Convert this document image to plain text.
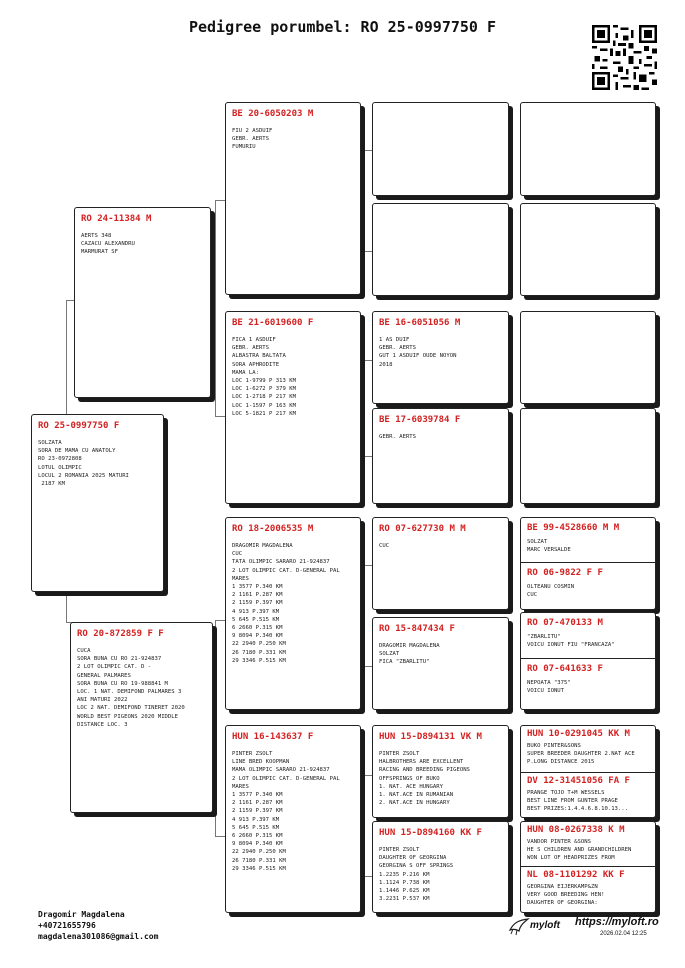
Pedigree porumbel: RO 25-0997750 F
RO 25-0997750 F
SOLZATA
SORA DE MAMA CU ANATOLY
RO 23-0972808
LOTUL OLIMPIC
LOCUL 2 ROMANIA 2025 MATURI
2187 KM
RO 24-11384 M
AERTS 348
CAZACU ALEXANDRU
MARMURAT SF
RO 20-872859 F F
CUCA
SORA BUNA CU RO 21-924837
2 LOT OLIMPIC CAT. D -
GENERAL PALMARES
SORA BUNA CU RO 19-988841 M
LOC. 1 NAT. DEMIFOND PALMARES 3
ANI MATURI 2022
LOC 2 NAT. DEMIFOND TINERET 2020
WORLD BEST PIGEONS 2020 MIDDLE
DISTANCE LOC. 3
BE 20-6050203 M
FIU 2 ASDUIF
GEBR. AERTS
FUMURIU
BE 21-6019600 F
FICA 1 ASDUIF
GEBR. AERTS
ALBASTRA BALTATA
SORA APHRODITE
MAMA LA:
LOC 1-9799 P 313 KM
LOC 1-6272 P 379 KM
LOC 1-2718 P 217 KM
LOC 1-1597 P 163 KM
LOC 5-1821 P 217 KM
RO 18-2006535 M
DRAGOMIR MAGDALENA
CUC
TATA OLIMPIC SARARO 21-924837
2 LOT OLIMPIC CAT. D-GENERAL PAL
MARES
1 3577 P.340 KM
2 1161 P.287 KM
2 1159 P.397 KM
4 913 P.397 KM
5 645 P.515 KM
6 2660 P.315 KM
9 8094 P.340 KM
22 2940 P.250 KM
26 7180 P.331 KM
29 3346 P.515 KM
HUN 16-143637 F
PINTER ZSOLT
LINE BRED KOOPMAN
MAMA OLIMPIC SARARO 21-924837
2 LOT OLIMPIC CAT. D-GENERAL PAL
MARES
1 3577 P.340 KM
2 1161 P.287 KM
2 1159 P.397 KM
4 913 P.397 KM
5 645 P.515 KM
6 2660 P.315 KM
9 8094 P.340 KM
22 2940 P.250 KM
26 7180 P.331 KM
29 3346 P.515 KM
BE 16-6051056 M
1 AS DUIF
GEBR. AERTS
GUT 1 ASDUIF OUDE NOYON
2018
BE 17-6039784 F
GEBR. AERTS
RO 07-627730 M M
CUC
RO 15-847434 F
DRAGOMIR MAGDALENA
SOLZAT
FICA "ZBARLITU"
HUN 15-D894131 VK M
PINTER ZSOLT
HALBROTHERS ARE EXCELLENT
RACING AND BREEDING PIGEONS
OFFSPRINGS OF BUKO
1. NAT. ACE HUNGARY
1. NAT.ACE IN RUMANIAN
2. NAT.ACE IN HUNGARY
HUN 15-D894160 KK F
PINTER ZSOLT
DAUGHTER OF GEORGINA
GEORGINA S OFF SPRINGS
1.2235 P.216 KM
1.1124 P.738 KM
1.1446 P.625 KM
3.2231 P.537 KM
BE 99-4528660 M M
SOLZAT
MARC VERSALDE
RO 06-9822 F F
OLTEANU COSMIN
CUC
RO 07-470133 M
"ZBARLITU"
VOICU IONUT FIU "FRANCAZA"
RO 07-641633 F
NEPOATA "375"
VOICU IONUT
HUN 10-0291045 KK M
BUKO PINTER&SONS
SUPER BREEDER DAUGHTER 2.NAT ACE
P.LONG DISTANCE 2015
DV 12-31451056 FA F
PRANGE TOJO T+M WESSELS
BEST LINE FROM GUNTER PRAGE
BEST PRIZES:1.4.4.6.8.10.13...
HUN 08-0267338 K M
VANDOR PINTER &SONS
HE S CHILDREN AND GRANDCHILDREN
WON LOT OF HEADPRIZES FROM
NL 08-1101292 KK F
GEORGINA EIJERKAMP&ZN
VERY GOOD BREEDING HEN!
DAUGHTER OF GEORGINA:
Dragomir Magdalena
+40721655796
magdalena301086@gmail.com
myloft https://myloft.ro
2026.02.04 12:25
